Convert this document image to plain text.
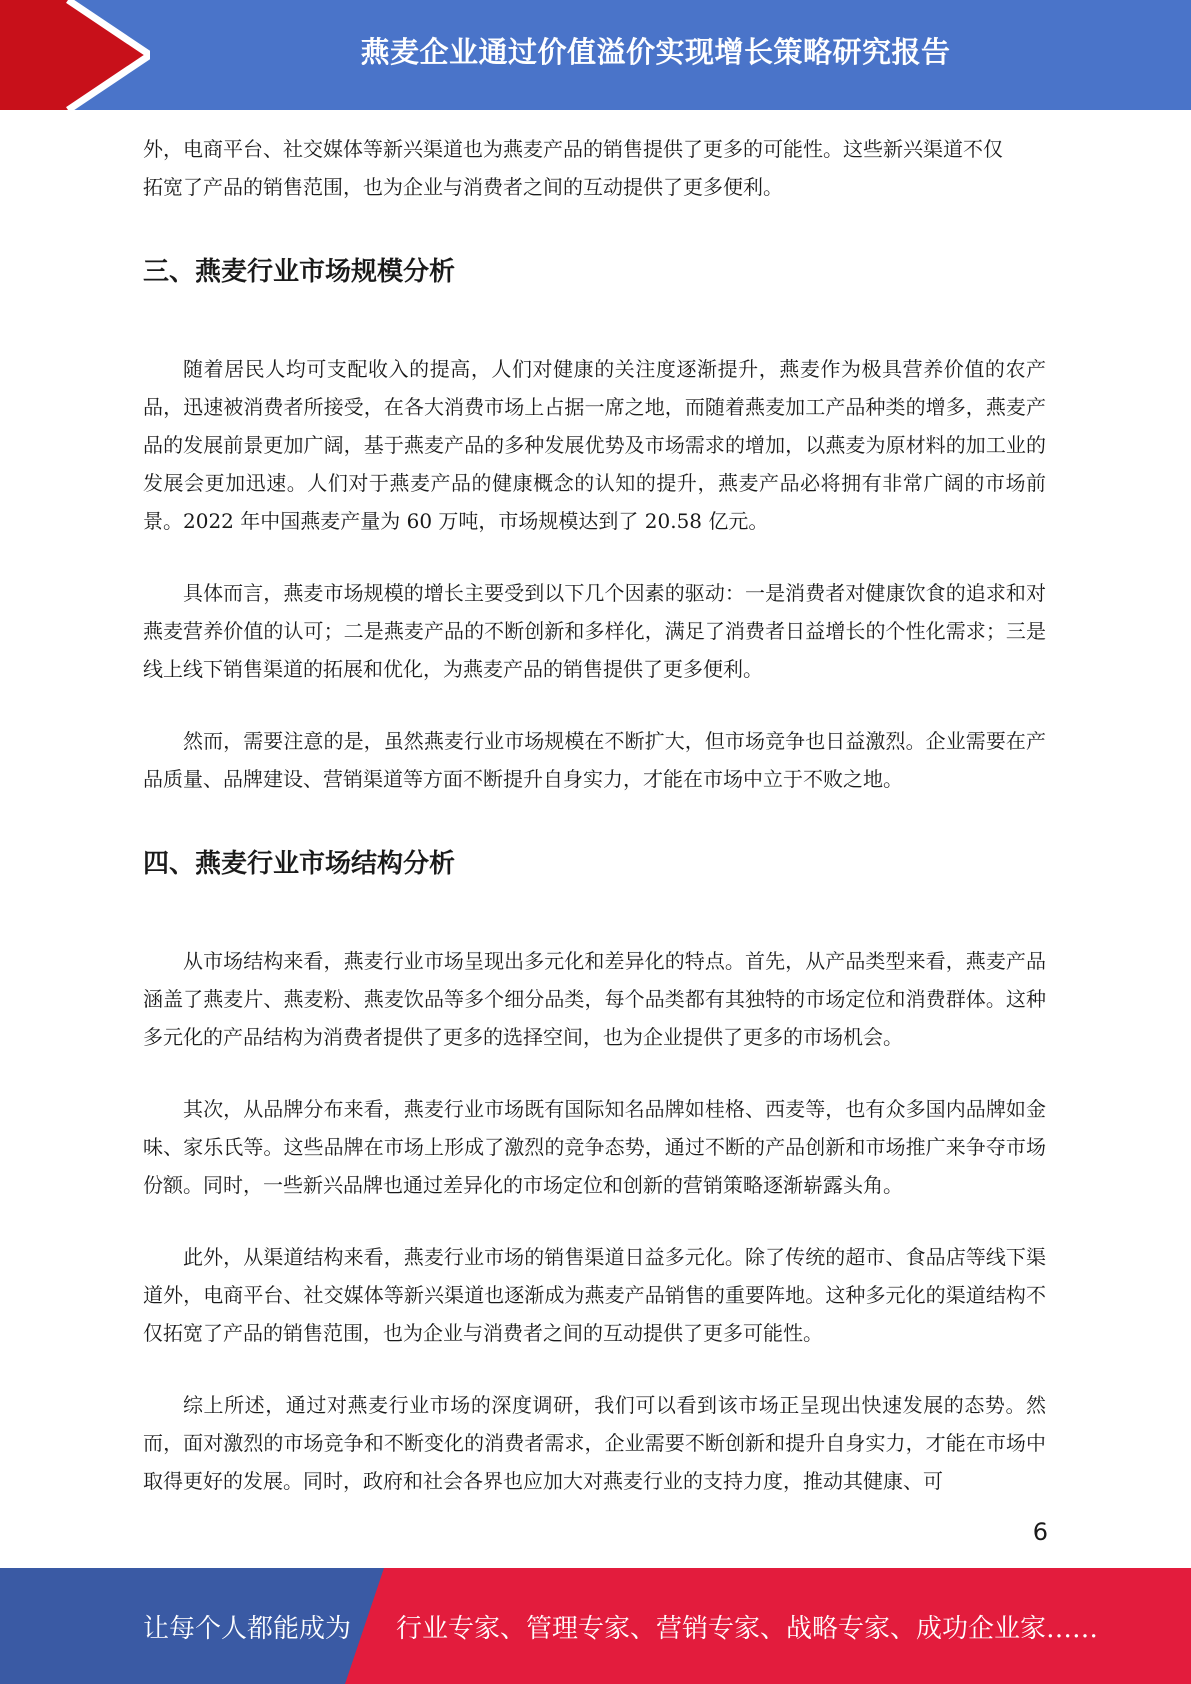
燕麦企业通过价值溢价实现增长策略研究报告

外，电商平台、社交媒体等新兴渠道也为燕麦产品的销售提供了更多的可能性。这些新兴渠道不仅

拓宽了产品的销售范围，也为企业与消费者之间的互动提供了更多便利。

三、燕麦行业市场规模分析

随着居民人均可支配收入的提高，人们对健康的关注度逐渐提升，燕麦作为极具营养价值的农产品，迅速被消费者所接受，在各大消费市场上占据一席之地，而随着燕麦加工产品种类的增多，燕麦产品的发展前景更加广阔，基于燕麦产品的多种发展优势及市场需求的增加，以燕麦为原材料的加工业的发展会更加迅速。人们对于燕麦产品的健康概念的认知的提升，燕麦产品必将拥有非常广阔的市场前景。2022 年中国燕麦产量为 60 万吨，市场规模达到了 20.58 亿元。

具体而言，燕麦市场规模的增长主要受到以下几个因素的驱动：一是消费者对健康饮食的追求和对燕麦营养价值的认可；二是燕麦产品的不断创新和多样化，满足了消费者日益增长的个性化需求；三是线上线下销售渠道的拓展和优化，为燕麦产品的销售提供了更多便利。

然而，需要注意的是，虽然燕麦行业市场规模在不断扩大，但市场竞争也日益激烈。企业需要在产品质量、品牌建设、营销渠道等方面不断提升自身实力，才能在市场中立于不败之地。

四、燕麦行业市场结构分析

从市场结构来看，燕麦行业市场呈现出多元化和差异化的特点。首先，从产品类型来看，燕麦产品涵盖了燕麦片、燕麦粉、燕麦饮品等多个细分品类，每个品类都有其独特的市场定位和消费群体。这种多元化的产品结构为消费者提供了更多的选择空间，也为企业提供了更多的市场机会。

其次，从品牌分布来看，燕麦行业市场既有国际知名品牌如桂格、西麦等，也有众多国内品牌如金味、家乐氏等。这些品牌在市场上形成了激烈的竞争态势，通过不断的产品创新和市场推广来争夺市场份额。同时，一些新兴品牌也通过差异化的市场定位和创新的营销策略逐渐崭露头角。

此外，从渠道结构来看，燕麦行业市场的销售渠道日益多元化。除了传统的超市、食品店等线下渠道外，电商平台、社交媒体等新兴渠道也逐渐成为燕麦产品销售的重要阵地。这种多元化的渠道结构不仅拓宽了产品的销售范围，也为企业与消费者之间的互动提供了更多可能性。

综上所述，通过对燕麦行业市场的深度调研，我们可以看到该市场正呈现出快速发展的态势。然而，面对激烈的市场竞争和不断变化的消费者需求，企业需要不断创新和提升自身实力，才能在市场中取得更好的发展。同时，政府和社会各界也应加大对燕麦行业的支持力度，推动其健康、可

6
让每个人都能成为 行业专家、管理专家、营销专家、战略专家、成功企业家……
